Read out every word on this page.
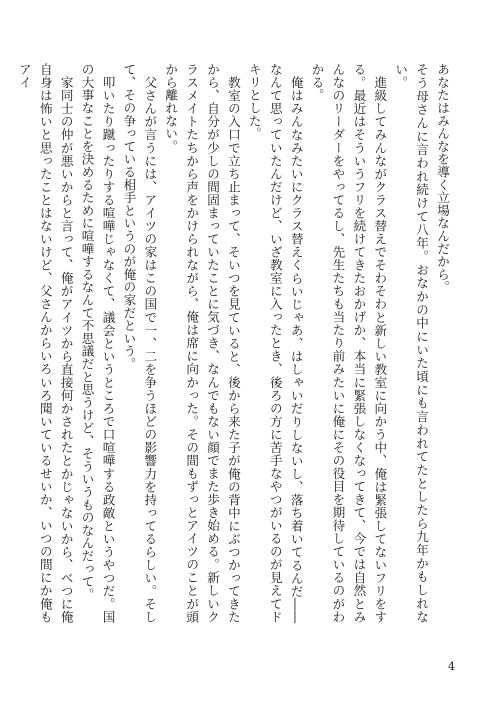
あなたはみんなを導く立場なんだから。

そう母さんに言われ続けて八年。おなかの中にいた頃にも言われてたとしたら九年かもしれない。

進級してみんながクラス替えでそわそわと新しい教室に向かう中、俺は緊張してないフリをする。最近はそういうフリを続けてきたおかげか、本当に緊張しなくなってきて、今では自然とみんなのリーダーをやってるし、先生たちも当たり前みたいに俺にその役目を期待しているのがわかる。

俺はみんなみたいにクラス替えくらいじゃあ、はしゃいだりしないし、落ち着いてるんだ――なんて思っていたんだけど、いざ教室に入ったとき、後ろの方に苦手なやつがいるのが見えてドキリとした。

教室の入口で立ち止まって、そいつを見ていると、後から来た子が俺の背中にぶつかってきたから、自分が少しの間固まっていたことに気づき、なんでもない顔でまた歩き始める。新しいクラスメイトたちから声をかけられながら、俺は席に向かった。その間もずっとアイツのことが頭から離れない。

父さんが言うには、アイツの家はこの国で一、二を争うほどの影響力を持ってるらしい。そして、その争っている相手というのが俺の家だという。

叩いたり蹴ったりする喧嘩じゃなくて、議会というところで口喧嘩する政敵というやつだ。国の大事なことを決めるために喧嘩するなんて不思議だと思うけど、そういうものなんだって。

家同士の仲が悪いからと言って、俺がアイツから直接何かされたとかじゃないから、べつに俺自身は怖いと思ったことはないけど、父さんからいろいろ聞いているせいか、いつの間にか俺もアイ

4
